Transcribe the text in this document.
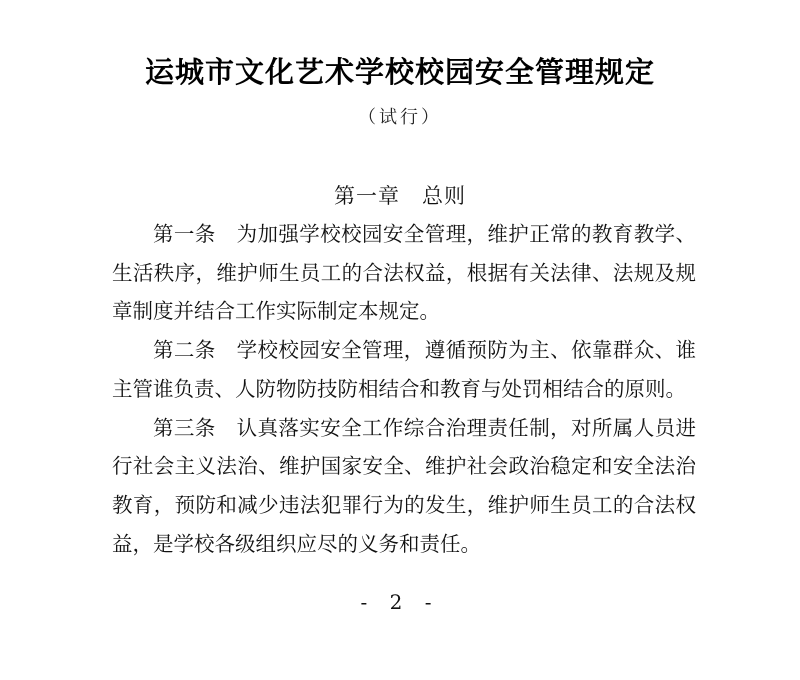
运城市文化艺术学校校园安全管理规定
（试行）
第一章　总则

第一条　为加强学校校园安全管理，维护正常的教育教学、生活秩序，维护师生员工的合法权益，根据有关法律、法规及规章制度并结合工作实际制定本规定。

第二条　学校校园安全管理，遵循预防为主、依靠群众、谁主管谁负责、人防物防技防相结合和教育与处罚相结合的原则。

第三条　认真落实安全工作综合治理责任制，对所属人员进行社会主义法治、维护国家安全、维护社会政治稳定和安全法治教育，预防和减少违法犯罪行为的发生，维护师生员工的合法权益，是学校各级组织应尽的义务和责任。

- 2 -
